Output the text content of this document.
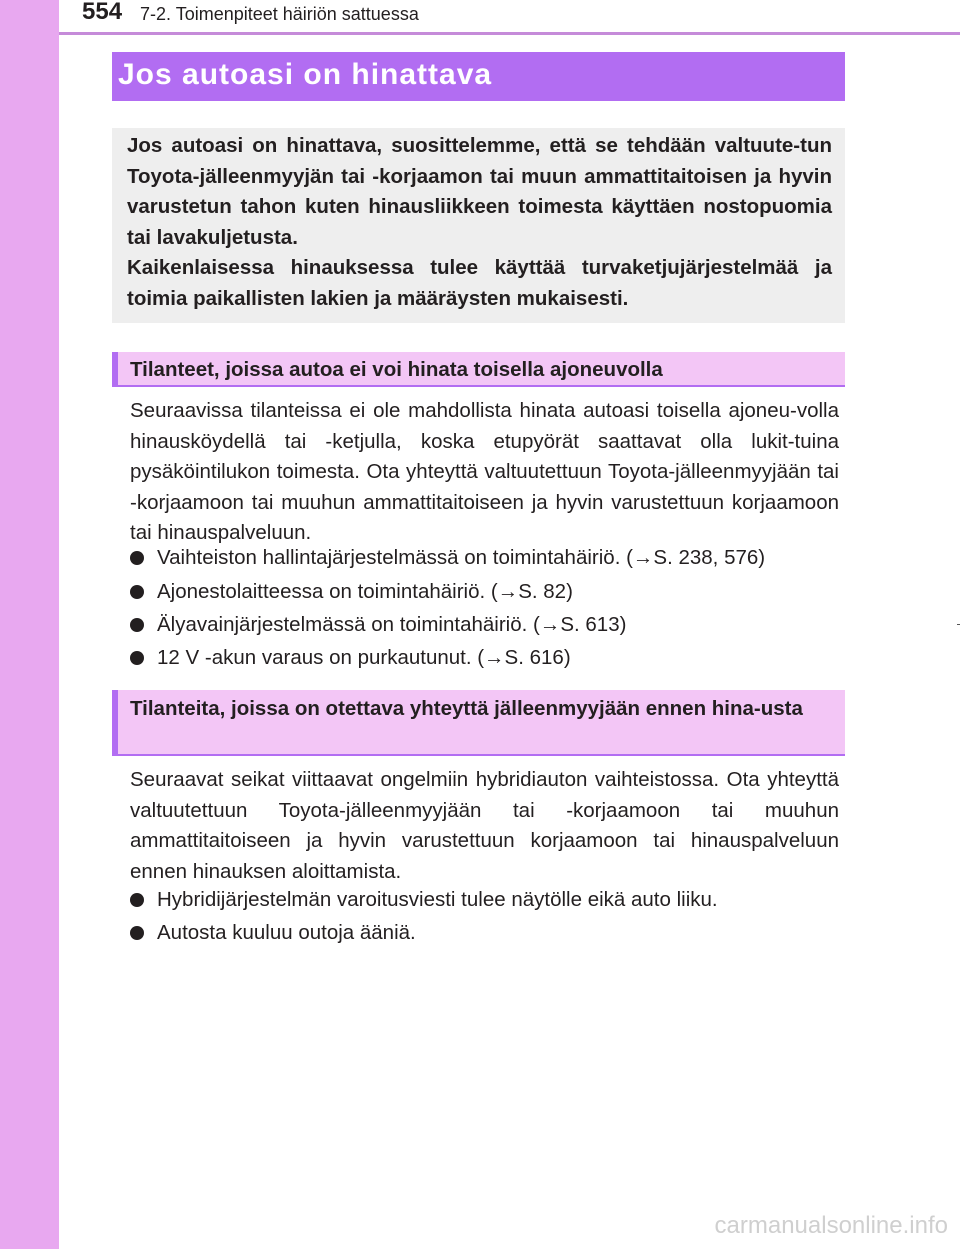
554 7-2. Toimenpiteet häiriön sattuessa
Jos autoasi on hinattava

Jos autoasi on hinattava, suosittelemme, että se tehdään valtuute-tun Toyota-jälleenmyyjän tai -korjaamon tai muun ammattitaitoisen ja hyvin varustetun tahon kuten hinausliikkeen toimesta käyttäen nostopuomia tai lavakuljetusta.

Kaikenlaisessa hinauksessa tulee käyttää turvaketjujärjestelmää ja toimia paikallisten lakien ja määräysten mukaisesti.

Tilanteet, joissa autoa ei voi hinata toisella ajoneuvolla
Seuraavissa tilanteissa ei ole mahdollista hinata autoasi toisella ajoneu-volla hinausköydellä tai -ketjulla, koska etupyörät saattavat olla lukit-tuina pysäköintilukon toimesta. Ota yhteyttä valtuutettuun Toyota-jälleenmyyjään tai -korjaamoon tai muuhun ammattitaitoiseen ja hyvin varustettuun korjaamoon tai hinauspalveluun.
Vaihteiston hallintajärjestelmässä on toimintahäiriö. (→S. 238, 576)
Ajonestolaitteessa on toimintahäiriö. (→S. 82)
Älyavainjärjestelmässä on toimintahäiriö. (→S. 613)
12 V -akun varaus on purkautunut. (→S. 616)
Tilanteita, joissa on otettava yhteyttä jälleenmyyjään ennen hina-usta
Seuraavat seikat viittaavat ongelmiin hybridiauton vaihteistossa. Ota yhteyttä valtuutettuun Toyota-jälleenmyyjään tai -korjaamoon tai muuhun ammattitaitoiseen ja hyvin varustettuun korjaamoon tai hinauspalveluun ennen hinauksen aloittamista.
Hybridijärjestelmän varoitusviesti tulee näytölle eikä auto liiku.
Autosta kuuluu outoja ääniä.
carmanualsonline.info
